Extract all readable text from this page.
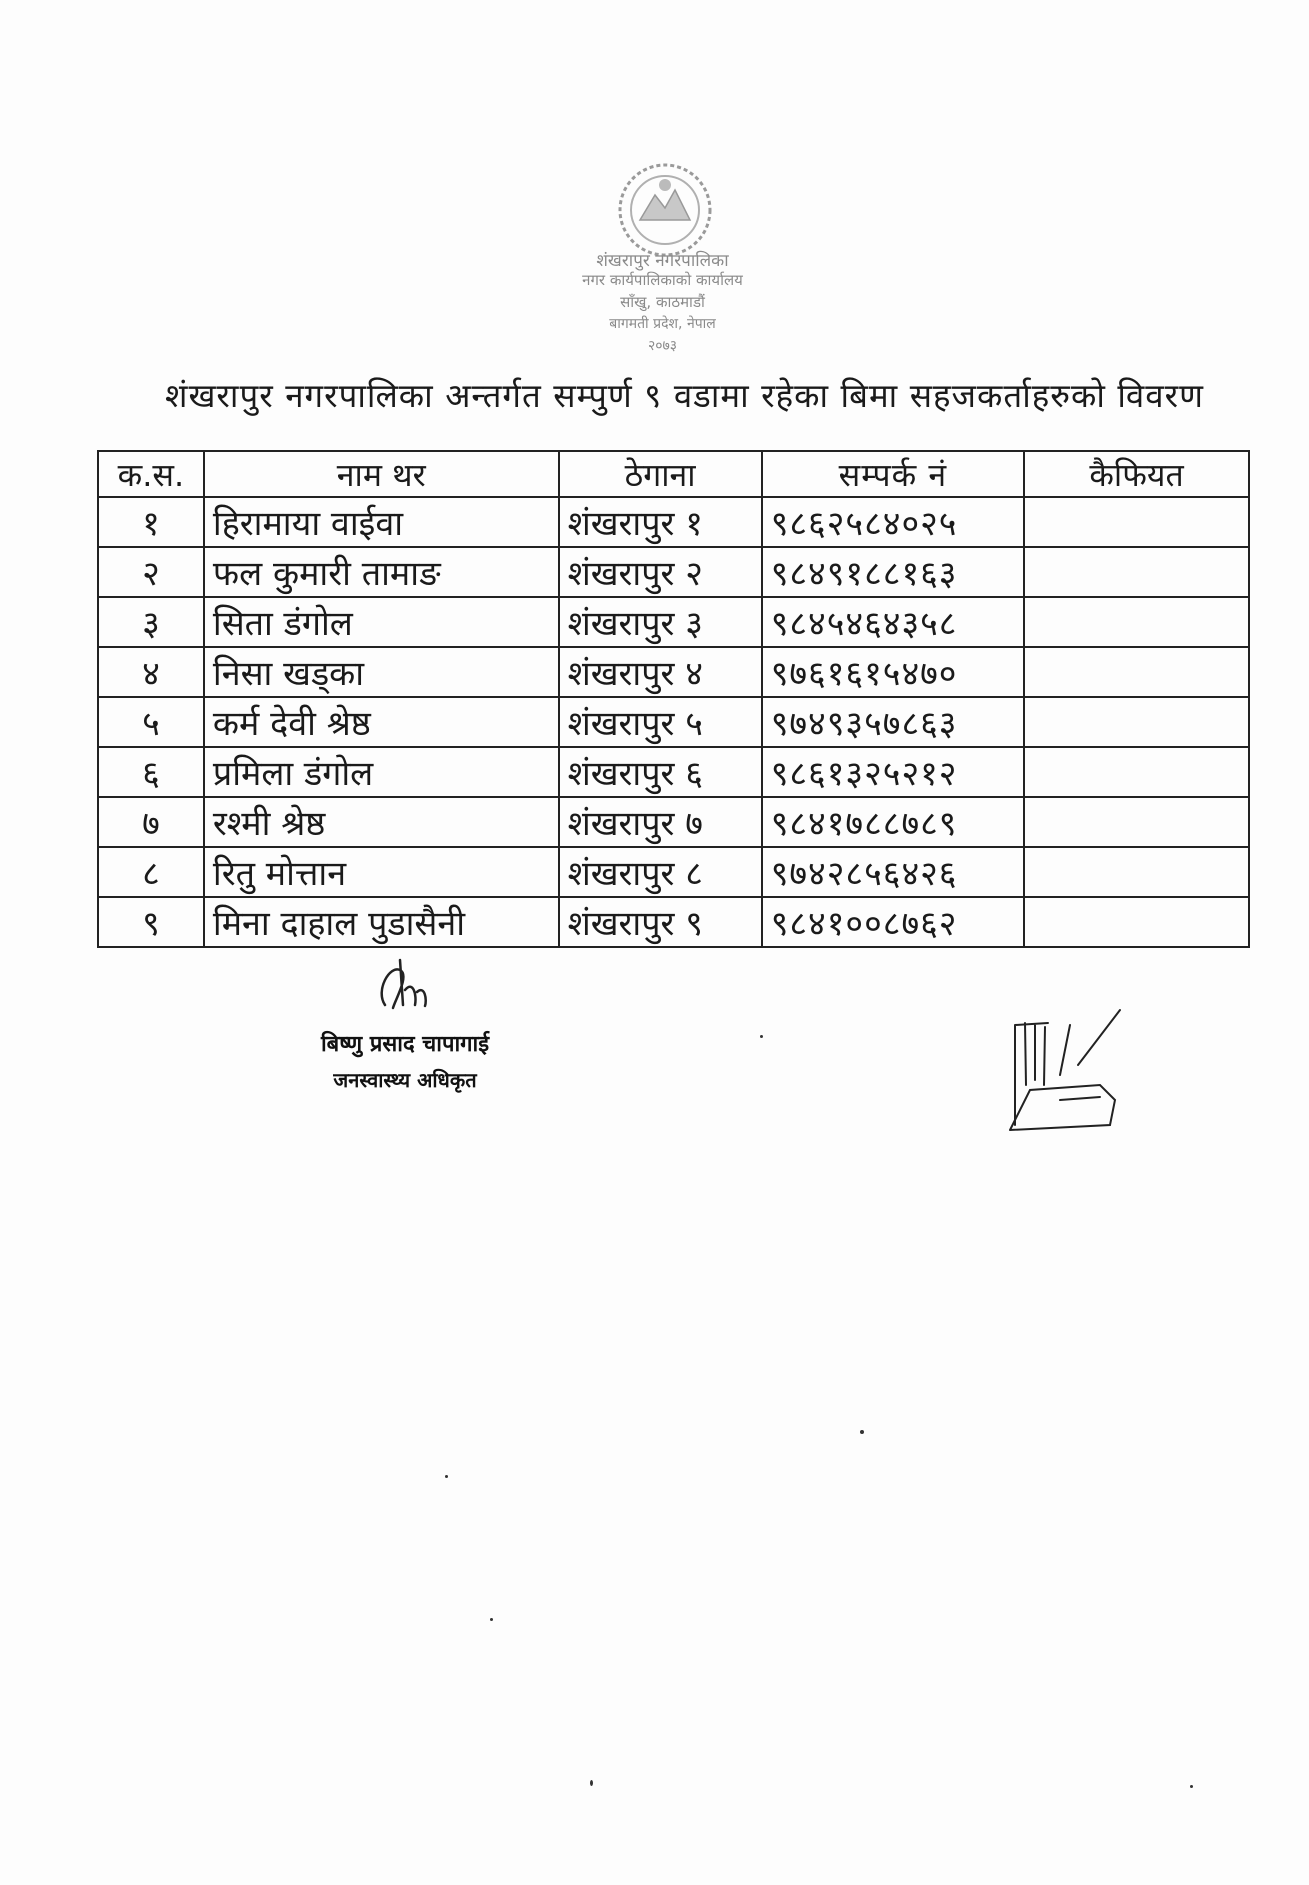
शंखरापुर नगरपालिका
नगर कार्यपालिकाको कार्यालय
साँखु, काठमाडौं
बागमती प्रदेश, नेपाल
२०७३
शंखरापुर नगरपालिका अन्तर्गत सम्पुर्ण ९ वडामा रहेका बिमा सहजकर्ताहरुको विवरण
क.स.	नाम थर	ठेगाना	सम्पर्क नं	कैफियत
१	हिरामाया वाईवा	शंखरापुर १	९८६२५८४०२५	
२	फल कुमारी तामाङ	शंखरापुर २	९८४९१८८१६३	
३	सिता डंगोल	शंखरापुर ३	९८४५४६४३५८	
४	निसा खड्का	शंखरापुर ४	९७६१६१५४७०	
५	कर्म देवी श्रेष्ठ	शंखरापुर ५	९७४९३५७८६३	
६	प्रमिला डंगोल	शंखरापुर ६	९८६१३२५२१२	
७	रश्मी श्रेष्ठ	शंखरापुर ७	९८४१७८८७८९	
८	रितु मोत्तान	शंखरापुर ८	९७४२८५६४२६	
९	मिना दाहाल पुडासैनी	शंखरापुर ९	९८४१००८७६२	
बिष्णु प्रसाद चापागाई
जनस्वास्थ्य अधिकृत
